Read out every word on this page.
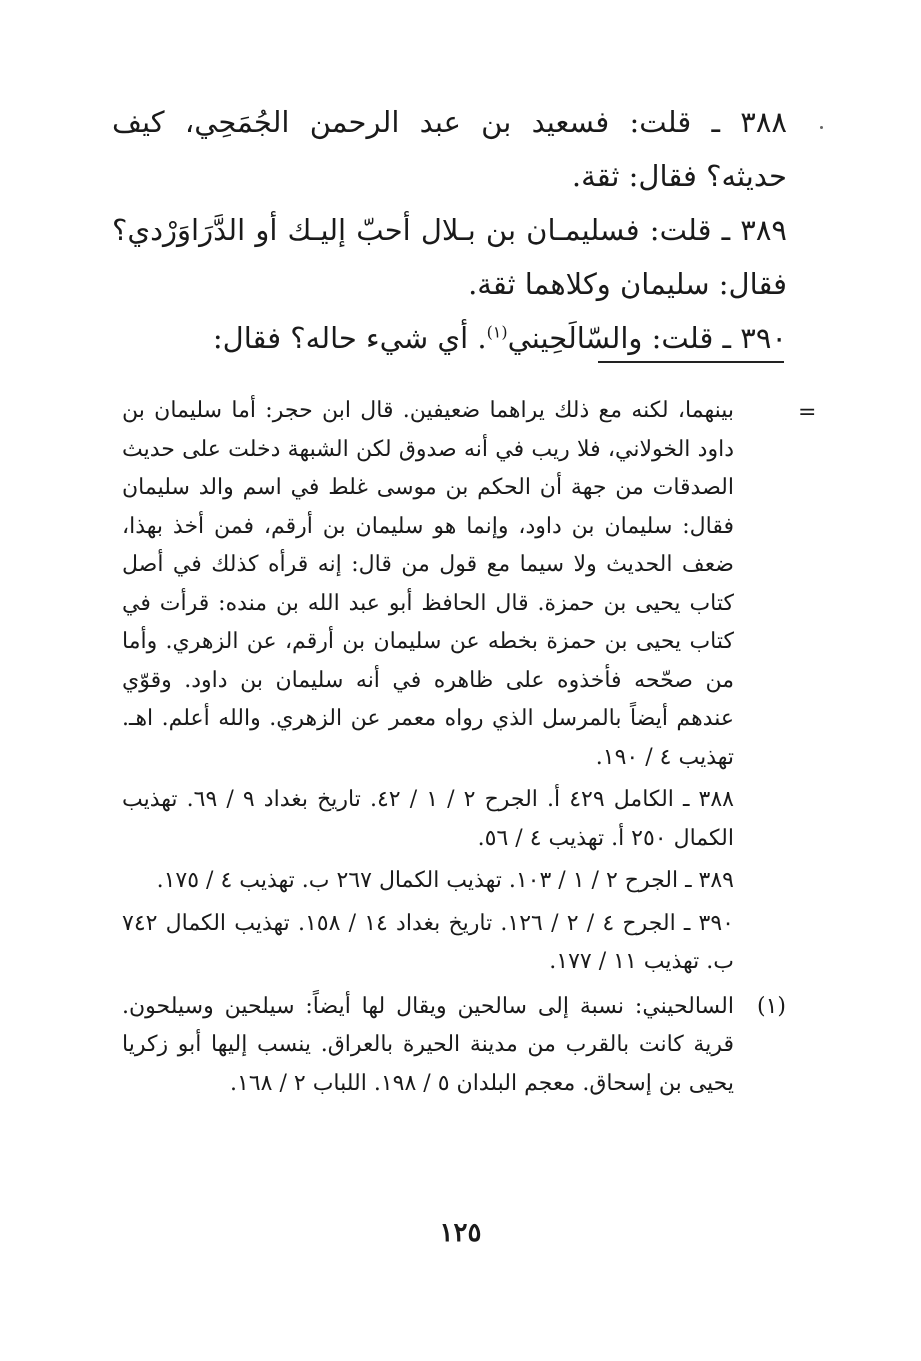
٣٨٨ ـ قلت: فسعيد بن عبد الرحمن الجُمَحِي، كيف حديثه؟ فقال: ثقة.

٣٨٩ ـ قلت: فسليمـان بن بـلال أحبّ إليـك أو الدَّرَاوَرْدي؟ فقال: سليمان وكلاهما ثقة.

٣٩٠ ـ قلت: والسّالَحِيني$^{(١)}$. أي شيء حاله؟ فقال:

=

بينهما، لكنه مع ذلك يراهما ضعيفين. قال ابن حجر: أما سليمان بن داود الخولاني، فلا ريب في أنه صدوق لكن الشبهة دخلت على حديث الصدقات من جهة أن الحكم بن موسى غلط في اسم والد سليمان فقال: سليمان بن داود، وإنما هو سليمان بن أرقم، فمن أخذ بهذا، ضعف الحديث ولا سيما مع قول من قال: إنه قرأه كذلك في أصل كتاب يحيى بن حمزة. قال الحافظ أبو عبد الله بن منده: قرأت في كتاب يحيى بن حمزة بخطه عن سليمان بن أرقم، عن الزهري. وأما من صحّحه فأخذوه على ظاهره في أنه سليمان بن داود. وقوّي عندهم أيضاً بالمرسل الذي رواه معمر عن الزهري. والله أعلم. اهـ. تهذيب ٤ / ١٩٠.

٣٨٨ ـ الكامل ٤٢٩ أ. الجرح ٢ / ١ / ٤٢. تاريخ بغداد ٩ / ٦٩. تهذيب الكمال ٢٥٠ أ. تهذيب ٤ / ٥٦.

٣٨٩ ـ الجرح ٢ / ١ / ١٠٣. تهذيب الكمال ٢٦٧ ب. تهذيب ٤ / ١٧٥.

٣٩٠ ـ الجرح ٤ / ٢ / ١٢٦. تاريخ بغداد ١٤ / ١٥٨. تهذيب الكمال ٧٤٢ ب. تهذيب ١١ / ١٧٧.

(١)
السالحيني: نسبة إلى سالحين ويقال لها أيضاً: سيلحين وسيلحون. قرية كانت بالقرب من مدينة الحيرة بالعراق. ينسب إليها أبو زكريا يحيى بن إسحاق. معجم البلدان ٥ / ١٩٨. اللباب ٢ / ١٦٨.

١٢٥
